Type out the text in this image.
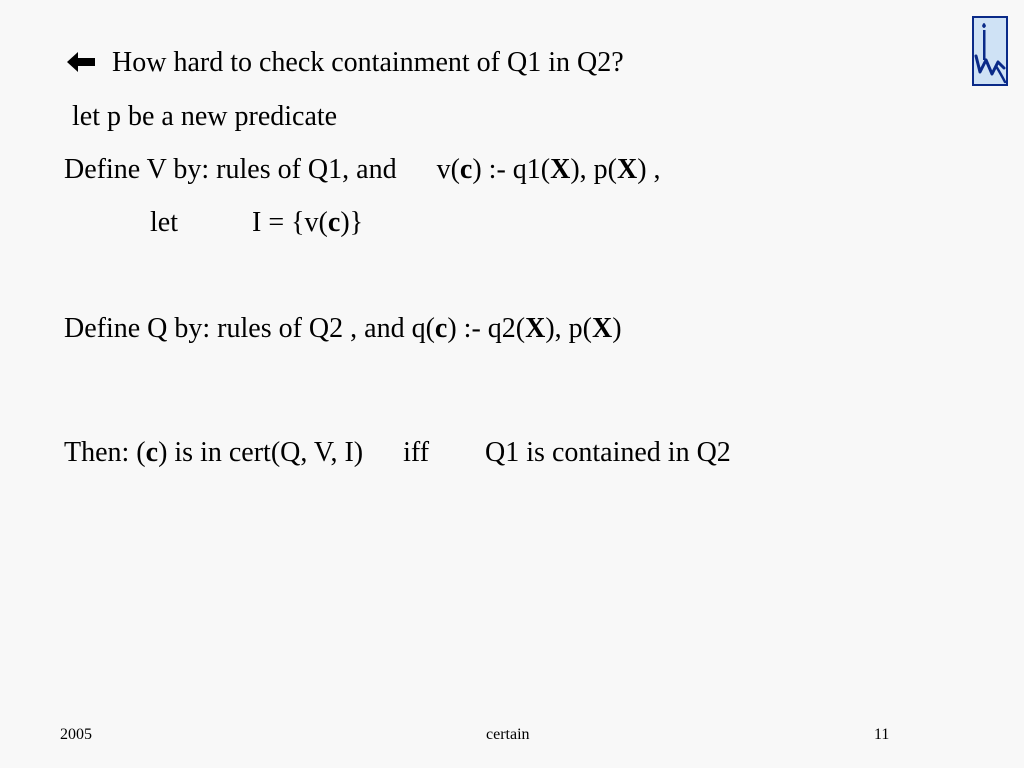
How hard to check containment of Q1 in Q2?
let p be a new predicate
Define V by: rules of Q1, and v(c) :- q1(X), p(X) ,
let	I = {v(c)}
Define Q by: rules of Q2 , and q(c) :- q2(X), p(X)
Then: (c) is in cert(Q, V, I) iff Q1 is contained in Q2
2005	certain	11
